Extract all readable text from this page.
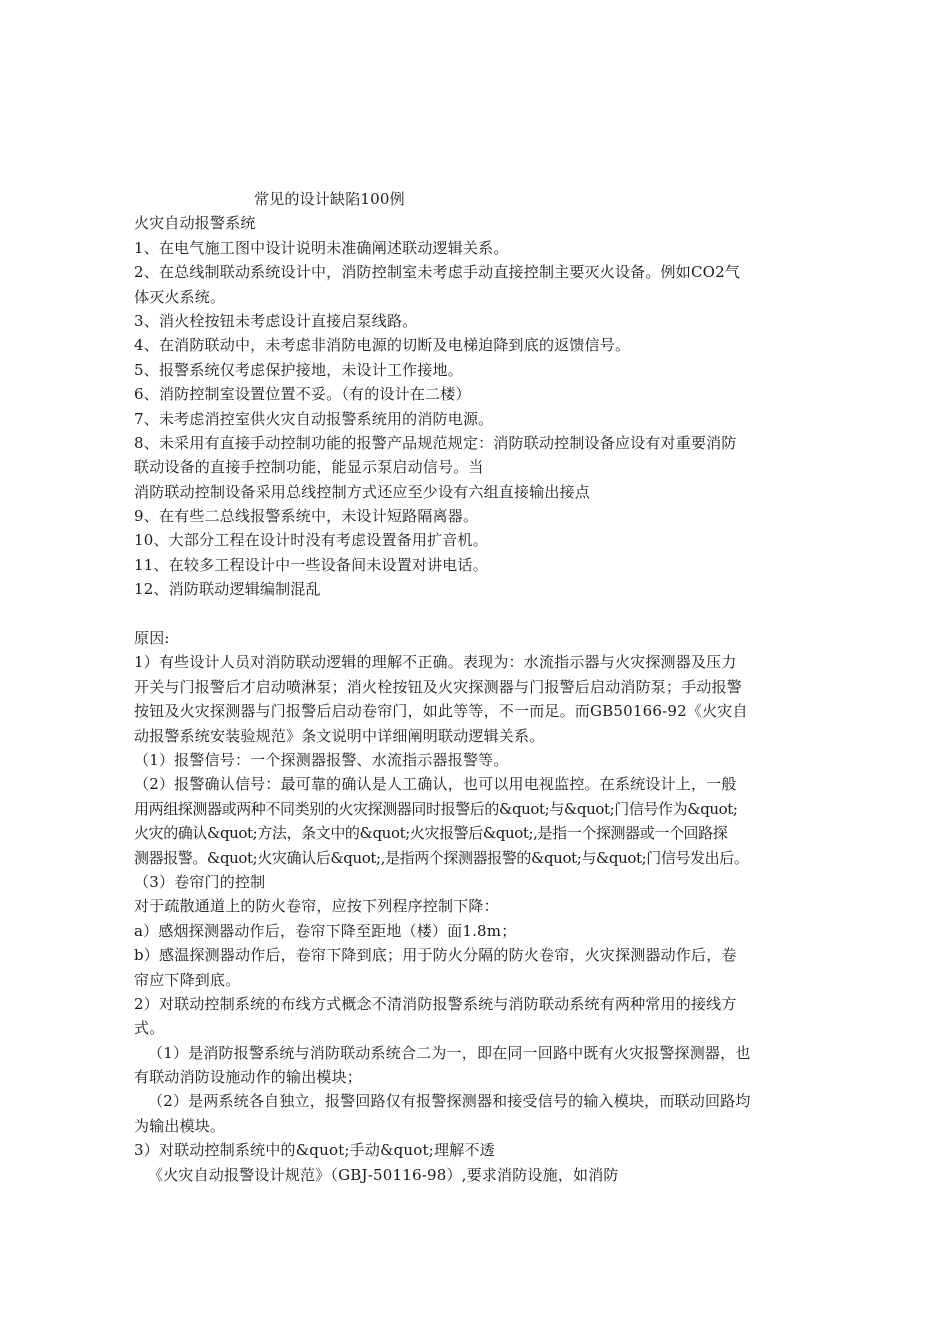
常见的设计缺陷100例
火灾自动报警系统
1、在电气施工图中设计说明未准确阐述联动逻辑关系。
2、在总线制联动系统设计中，消防控制室未考虑手动直接控制主要灭火设备。例如CO2气
体灭火系统。
3、消火栓按钮未考虑设计直接启泵线路。
4、在消防联动中，未考虑非消防电源的切断及电梯迫降到底的返馈信号。
5、报警系统仅考虑保护接地，未设计工作接地。
6、消防控制室设置位置不妥。（有的设计在二楼）
7、未考虑消控室供火灾自动报警系统用的消防电源。
8、未采用有直接手动控制功能的报警产品规范规定：消防联动控制设备应设有对重要消防
联动设备的直接手控制功能，能显示泵启动信号。当
消防联动控制设备采用总线控制方式还应至少设有六组直接输出接点
9、在有些二总线报警系统中，未设计短路隔离器。
10、大部分工程在设计时没有考虑设置备用扩音机。
11、在较多工程设计中一些设备间未设置对讲电话。
12、消防联动逻辑编制混乱
原因:
1）有些设计人员对消防联动逻辑的理解不正确。表现为：水流指示器与火灾探测器及压力
开关与门报警后才启动喷淋泵；消火栓按钮及火灾探测器与门报警后启动消防泵；手动报警
按钮及火灾探测器与门报警后启动卷帘门，如此等等，不一而足。而GB50166-92《火灾自
动报警系统安装验规范》条文说明中详细阐明联动逻辑关系。
（1）报警信号：一个探测器报警、水流指示器报警等。
（2）报警确认信号：最可靠的确认是人工确认，也可以用电视监控。在系统设计上，一般
用两组探测器或两种不同类别的火灾探测器同时报警后的&quot;与&quot;门信号作为&quot;
火灾的确认&quot;方法，条文中的&quot;火灾报警后&quot;,是指一个探测器或一个回路探
测器报警。&quot;火灾确认后&quot;,是指两个探测器报警的&quot;与&quot;门信号发出后。
（3）卷帘门的控制
对于疏散通道上的防火卷帘，应按下列程序控制下降：
a）感烟探测器动作后，卷帘下降至距地（楼）面1.8m；
b）感温探测器动作后，卷帘下降到底；用于防火分隔的防火卷帘，火灾探测器动作后，卷
帘应下降到底。
2）对联动控制系统的布线方式概念不清消防报警系统与消防联动系统有两种常用的接线方
式。
（1）是消防报警系统与消防联动系统合二为一，即在同一回路中既有火灾报警探测器，也
有联动消防设施动作的输出模块；
（2）是两系统各自独立，报警回路仅有报警探测器和接受信号的输入模块，而联动回路均
为输出模块。
3）对联动控制系统中的&quot;手动&quot;理解不透
《火灾自动报警设计规范》（GBJ-50116-98）,要求消防设施，如消防
